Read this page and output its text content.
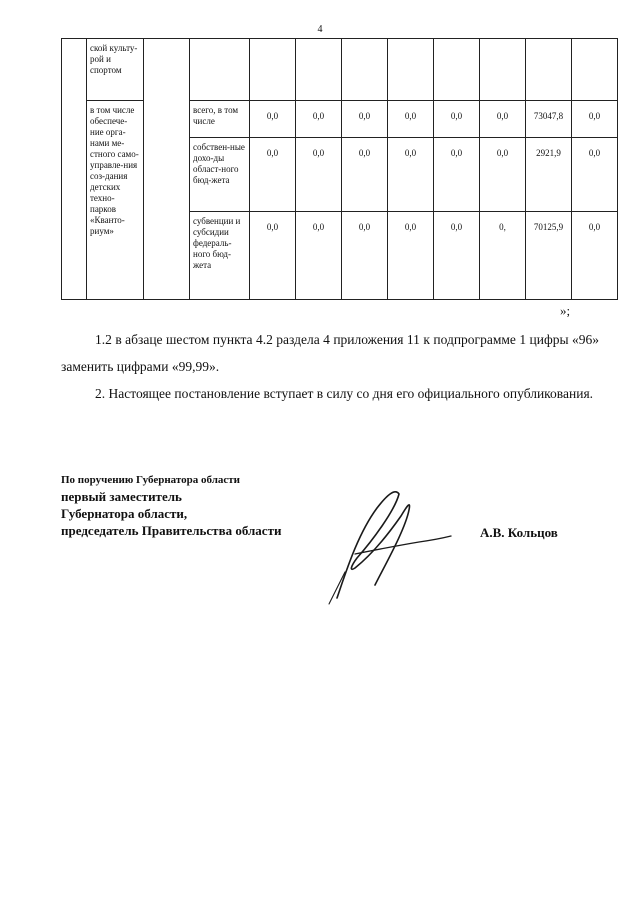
4
	ской культу-рой и спортом										
	в том числе обеспече-ние орга-нами ме-стного само-управле-ния соз-дания детских техно-парков «Кванто-риум»		всего, в том числе	0,0	0,0	0,0	0,0	0,0	0,0	73047,8	0,0
			собствен-ные дохо-ды област-ного бюд-жета	0,0	0,0	0,0	0,0	0,0	0,0	2921,9	0,0
			субвенции и субсидии федераль-ного бюд-жета	0,0	0,0	0,0	0,0	0,0	0,	70125,9	0,0
»;
1.2 в абзаце шестом пункта 4.2 раздела 4 приложения 11 к подпрограмме 1 цифры «96» заменить цифрами «99,99».
2. Настоящее постановление вступает в силу со дня его официального опубликования.
По поручению Губернатора области
первый заместитель
Губернатора области,
председатель Правительства области	А.В. Кольцов
